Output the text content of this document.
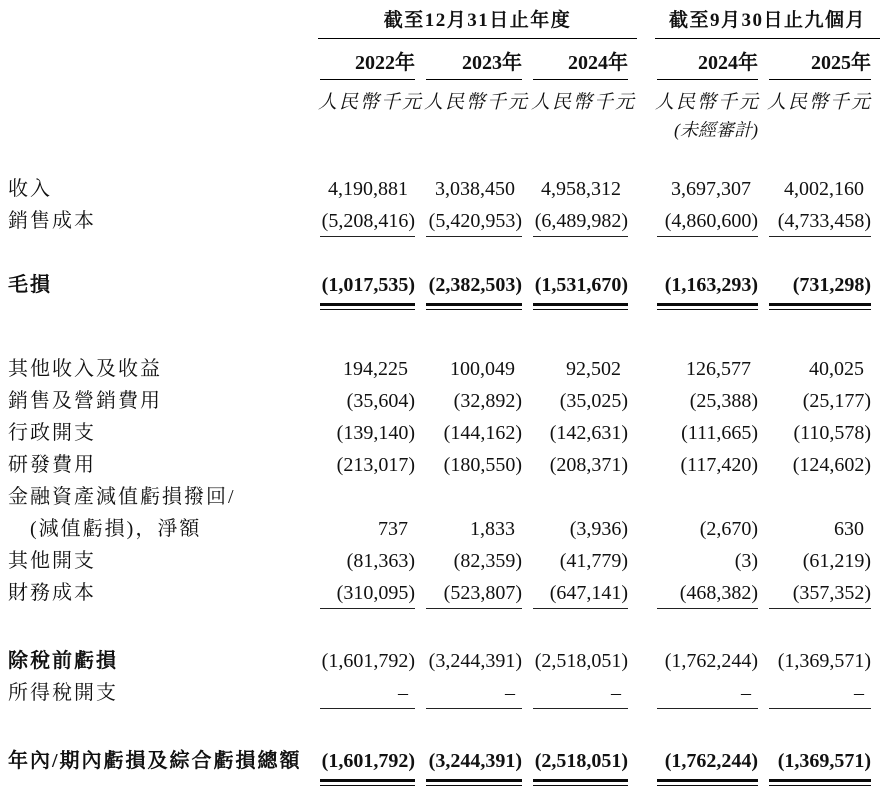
	截至12月31日止年度				截至9月30日止九個月	

	2022年	2023年	2024年		2024年	2025年

	人民幣千元	人民幣千元	人民幣千元		人民幣千元	人民幣千元
					(未經審計)	

收入	4,190,881	3,038,450	4,958,312		3,697,307	4,002,160
銷售成本	(5,208,416)	(5,420,953)	(6,489,982)		(4,860,600)	(4,733,458)

毛損	(1,017,535)	(2,382,503)	(1,531,670)		(1,163,293)	(731,298)

其他收入及收益	194,225	100,049	92,502		126,577	40,025
銷售及營銷費用	(35,604)	(32,892)	(35,025)		(25,388)	(25,177)
行政開支	(139,140)	(144,162)	(142,631)		(111,665)	(110,578)
研發費用	(213,017)	(180,550)	(208,371)		(117,420)	(124,602)
金融資產減值虧損撥回/						
(減值虧損)，淨額	737	1,833	(3,936)		(2,670)	630
其他開支	(81,363)	(82,359)	(41,779)		(3)	(61,219)
財務成本	(310,095)	(523,807)	(647,141)		(468,382)	(357,352)

除稅前虧損	(1,601,792)	(3,244,391)	(2,518,051)		(1,762,244)	(1,369,571)
所得稅開支	–	–	–		–	–

年內/期內虧損及綜合虧損總額	(1,601,792)	(3,244,391)	(2,518,051)		(1,762,244)	(1,369,571)
